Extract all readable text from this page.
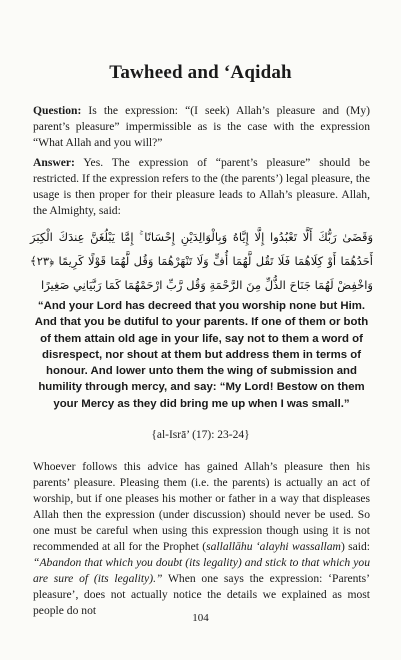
Tawheed and ‘Aqidah
Question: Is the expression: “(I seek) Allah’s pleasure and (My) parent’s pleasure” impermissible as is the case with the expression “What Allah and you will?”
Answer: Yes. The expression of “parent’s pleasure” should be restricted. If the expression refers to the (the parents’) legal pleasure, the usage is then proper for their pleasure leads to Allah’s pleasure. Allah, the Almighty, said:
وَقَضَىٰ رَبُّكَ أَلَّا تَعْبُدُوا إِلَّا إِيَّاهُ وَبِالْوَالِدَيْنِ إِحْسَانًا ۚ إِمَّا يَبْلُغَنَّ عِندَكَ الْكِبَرَ أَحَدُهُمَا أَوْ كِلَاهُمَا فَلَا تَقُل لَّهُمَا أُفٍّ وَلَا تَنْهَرْهُمَا وَقُل لَّهُمَا قَوْلًا كَرِيمًا ﴿٢٣﴾ وَاخْفِضْ لَهُمَا جَنَاحَ الذُّلِّ مِنَ الرَّحْمَةِ وَقُل رَّبِّ ارْحَمْهُمَا كَمَا رَبَّيَانِي صَغِيرًا
“And your Lord has decreed that you worship none but Him. And that you be dutiful to your parents. If one of them or both of them attain old age in your life, say not to them a word of disrespect, nor shout at them but address them in terms of honour. And lower unto them the wing of submission and humility through mercy, and say: “My Lord! Bestow on them your Mercy as they did bring me up when I was small.”
{al-Isrā’ (17): 23-24}
Whoever follows this advice has gained Allah’s pleasure then his parents’ pleasure. Pleasing them (i.e. the parents) is actually an act of worship, but if one pleases his mother or father in a way that displeases Allah then the expression (under discussion) should never be used. So one must be careful when using this expression though using it is not recommended at all for the Prophet (sallallāhu ‘alayhi wassallam) said: “Abandon that which you doubt (its legality) and stick to that which you are sure of (its legality).” When one says the expression: ‘Parents’ pleasure’, does not actually notice the details we explained as most people do not
104
